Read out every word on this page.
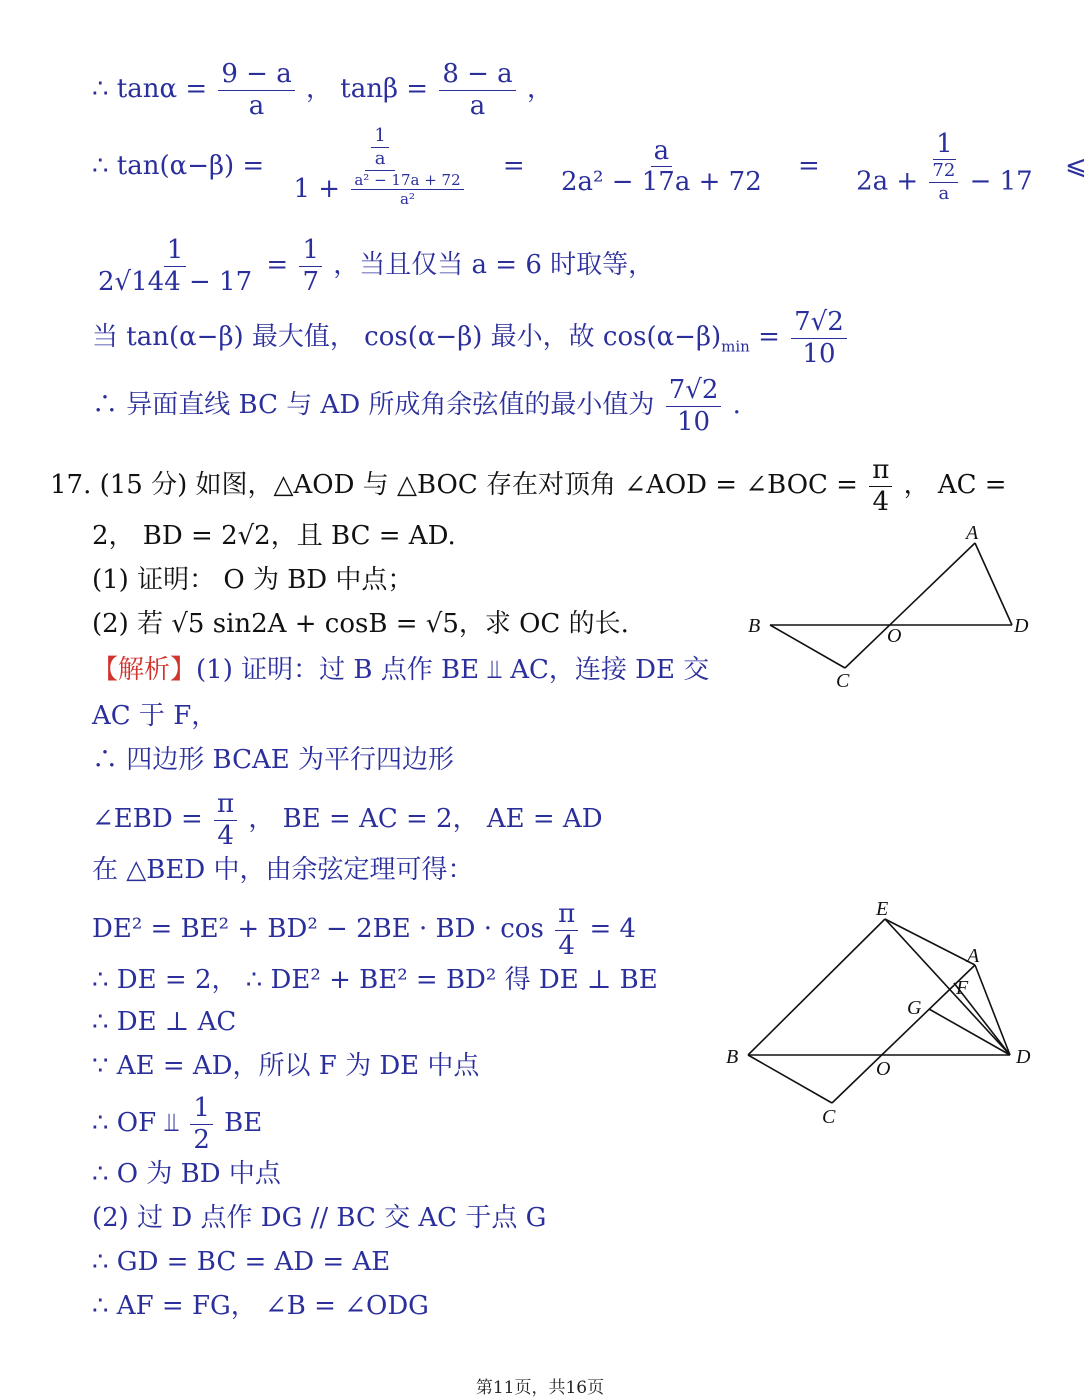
∴ $\tan\alpha = \frac{9 - a}{a}$ ， $\tan\beta = \frac{8 - a}{a}$ ，
∴ $\tan(\alpha-\beta) = \frac{\frac{1}{a}}{1 + \frac{\text{a² − 17a + 72}}{\text{a²}}} = \frac{a}{\text{2a² − 17a + 72}} = \frac{1}{2a + \frac{72}{a} - 17}$ ⩽
$\frac{1}{2√144 - 17} = \frac{1}{7}$ ，当且仅当 a = 6 时取等，
当 tan(α−β) 最大值， cos(α−β) 最小，故 $\cos(\alpha-\beta)_{min} = \frac{7√2}{10}$
∴ 异面直线 BC 与 AD 所成角余弦值的最小值为 $\frac{7√2}{10}$ .
17. (15 分) 如图，△AOD 与 △BOC 存在对顶角 ∠AOD = ∠BOC = $\frac{\pi}{4}$ ， AC =
2， BD = 2√2，且 BC = AD.
(1) 证明： O 为 BD 中点；
(2) 若 √5 sin2A + cosB = √5，求 OC 的长.
A
B
C
D
O
【解析】(1) 证明：过 B 点作 BE ⫫ AC，连接 DE 交
AC 于 F，
∴ 四边形 BCAE 为平行四边形
∠EBD = $\frac{\pi}{4}$ ， BE = AC = 2， AE = AD
在 △BED 中，由余弦定理可得：
DE² = BE² + BD² − 2BE · BD · $\cos \frac{\pi}{4} = 4$
∴ DE = 2， ∴ DE² + BE² = BD² 得 DE ⊥ BE
∴ DE ⊥ AC
∵ AE = AD，所以 F 为 DE 中点
∴ OF ⫫ $\frac{1}{2}$ BE
∴ O 为 BD 中点
(2) 过 D 点作 DG // BC 交 AC 于点 G
∴ GD = BC = AD = AE
∴ AF = FG， ∠B = ∠ODG
E
A
F
G
B
O
D
C
第11页，共16页
